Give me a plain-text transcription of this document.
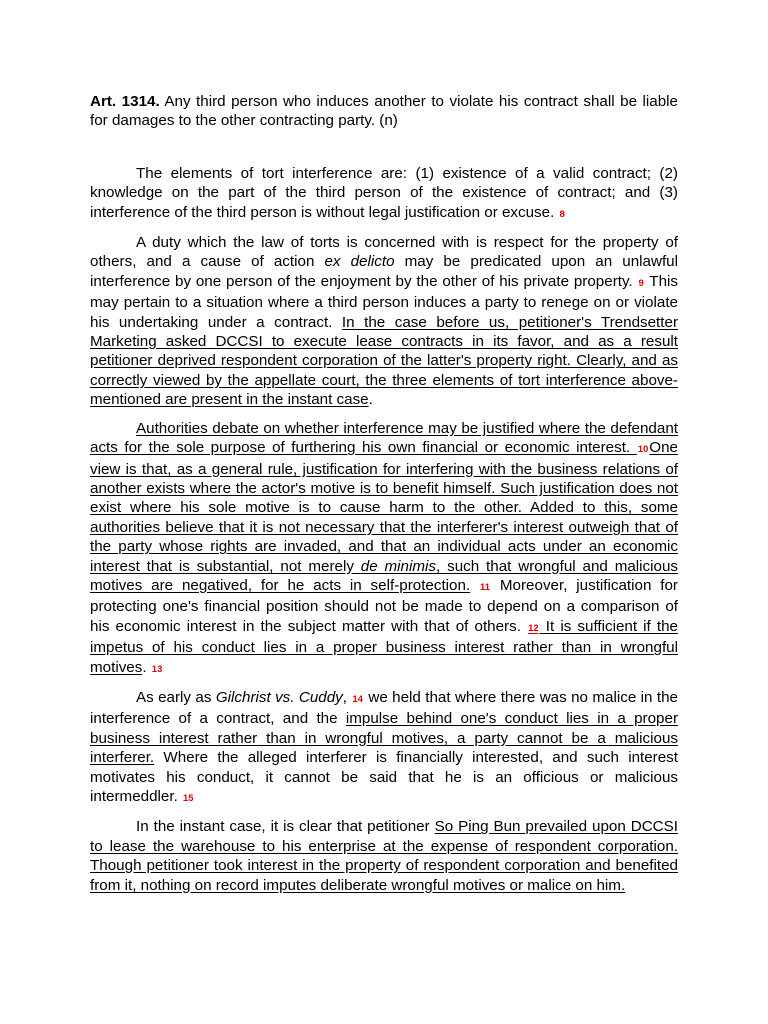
Art. 1314. Any third person who induces another to violate his contract shall be liable for damages to the other contracting party. (n)

The elements of tort interference are: (1) existence of a valid contract; (2) knowledge on the part of the third person of the existence of contract; and (3) interference of the third person is without legal justification or excuse. 8

A duty which the law of torts is concerned with is respect for the property of others, and a cause of action ex delicto may be predicated upon an unlawful interference by one person of the enjoyment by the other of his private property. 9 This may pertain to a situation where a third person induces a party to renege on or violate his undertaking under a contract. In the case before us, petitioner's Trendsetter Marketing asked DCCSI to execute lease contracts in its favor, and as a result petitioner deprived respondent corporation of the latter's property right. Clearly, and as correctly viewed by the appellate court, the three elements of tort interference above-mentioned are present in the instant case.

Authorities debate on whether interference may be justified where the defendant acts for the sole purpose of furthering his own financial or economic interest. 10One view is that, as a general rule, justification for interfering with the business relations of another exists where the actor's motive is to benefit himself. Such justification does not exist where his sole motive is to cause harm to the other. Added to this, some authorities believe that it is not necessary that the interferer's interest outweigh that of the party whose rights are invaded, and that an individual acts under an economic interest that is substantial, not merely de minimis, such that wrongful and malicious motives are negatived, for he acts in self-protection. 11 Moreover, justification for protecting one's financial position should not be made to depend on a comparison of his economic interest in the subject matter with that of others. 12 It is sufficient if the impetus of his conduct lies in a proper business interest rather than in wrongful motives. 13

As early as Gilchrist vs. Cuddy, 14 we held that where there was no malice in the interference of a contract, and the impulse behind one's conduct lies in a proper business interest rather than in wrongful motives, a party cannot be a malicious interferer. Where the alleged interferer is financially interested, and such interest motivates his conduct, it cannot be said that he is an officious or malicious intermeddler. 15

In the instant case, it is clear that petitioner So Ping Bun prevailed upon DCCSI to lease the warehouse to his enterprise at the expense of respondent corporation. Though petitioner took interest in the property of respondent corporation and benefited from it, nothing on record imputes deliberate wrongful motives or malice on him.
